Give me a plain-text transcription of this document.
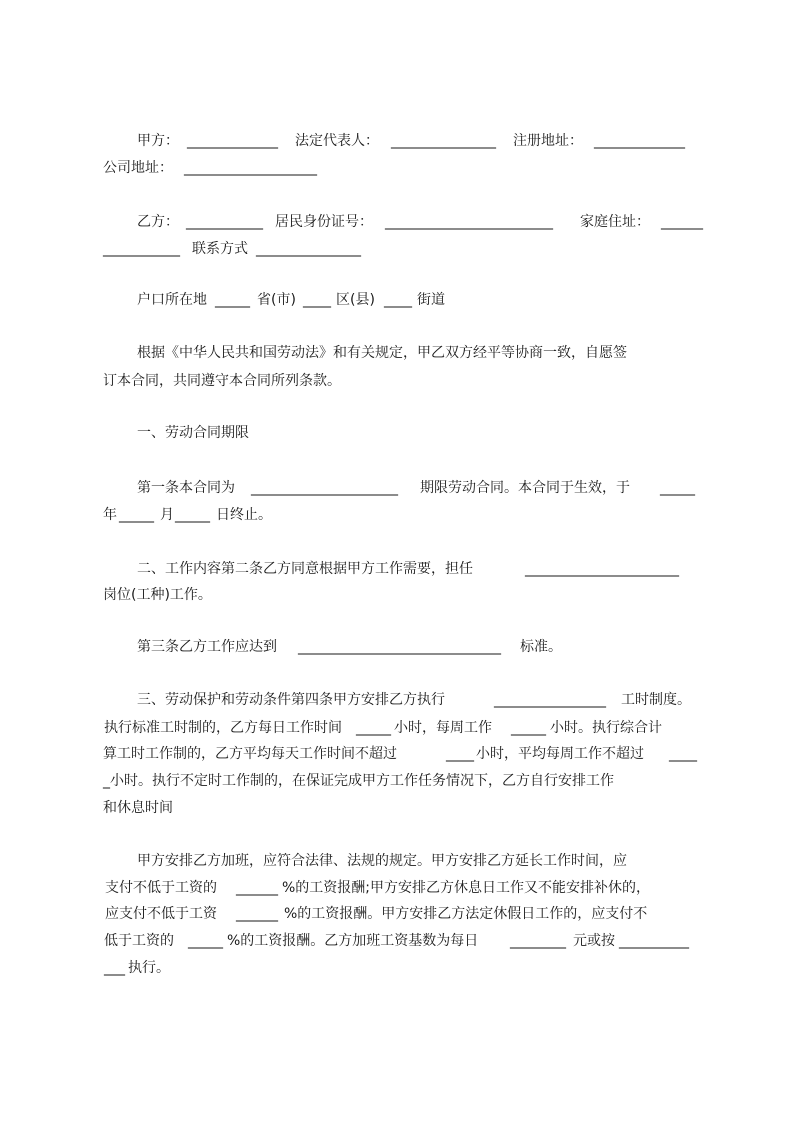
甲方：

_____________

法定代表人：

_______________

注册地址：

_____________

公司地址：

___________________

乙方：

___________

居民身份证号：

________________________

家庭住址：

______

___________

联系方式

_______________

户口所在地

_____

省(市)

____

区(县)

____

街道

根据《中华人民共和国劳动法》和有关规定，甲乙双方经平等协商一致，自愿签

订本合同，共同遵守本合同所列条款。

一、劳动合同期限

第一条本合同为

_____________________

期限劳动合同。本合同于生效，于

_____

年

_____

月

_____

日终止。

二、工作内容第二条乙方同意根据甲方工作需要，担任

	______________________

岗位(工种)工作。

第三条乙方工作应达到

_____________________________

标准。

三、劳动保护和劳动条件第四条甲方安排乙方执行

	________________

工时制度。

执行标准工时制的，乙方每日工作时间

_____

小时，每周工作

_____

小时。执行综合计

算工时工作制的，乙方平均每天工作时间不超过

	____

小时，平均每周工作不超过

____

_小时。执行不定时工作制的，在保证完成甲方工作任务情况下，乙方自行安排工作

和休息时间

甲方安排乙方加班，应符合法律、法规的规定。甲方安排乙方延长工作时间，应

支付不低于工资的

______

%的工资报酬;甲方安排乙方休息日工作又不能安排补休的，

应支付不低于工资

______

%的工资报酬。甲方安排乙方法定休假日工作的，应支付不

低于工资的

_____

%的工资报酬。乙方加班工资基数为每日

________

元或按

__________

___

执行。
